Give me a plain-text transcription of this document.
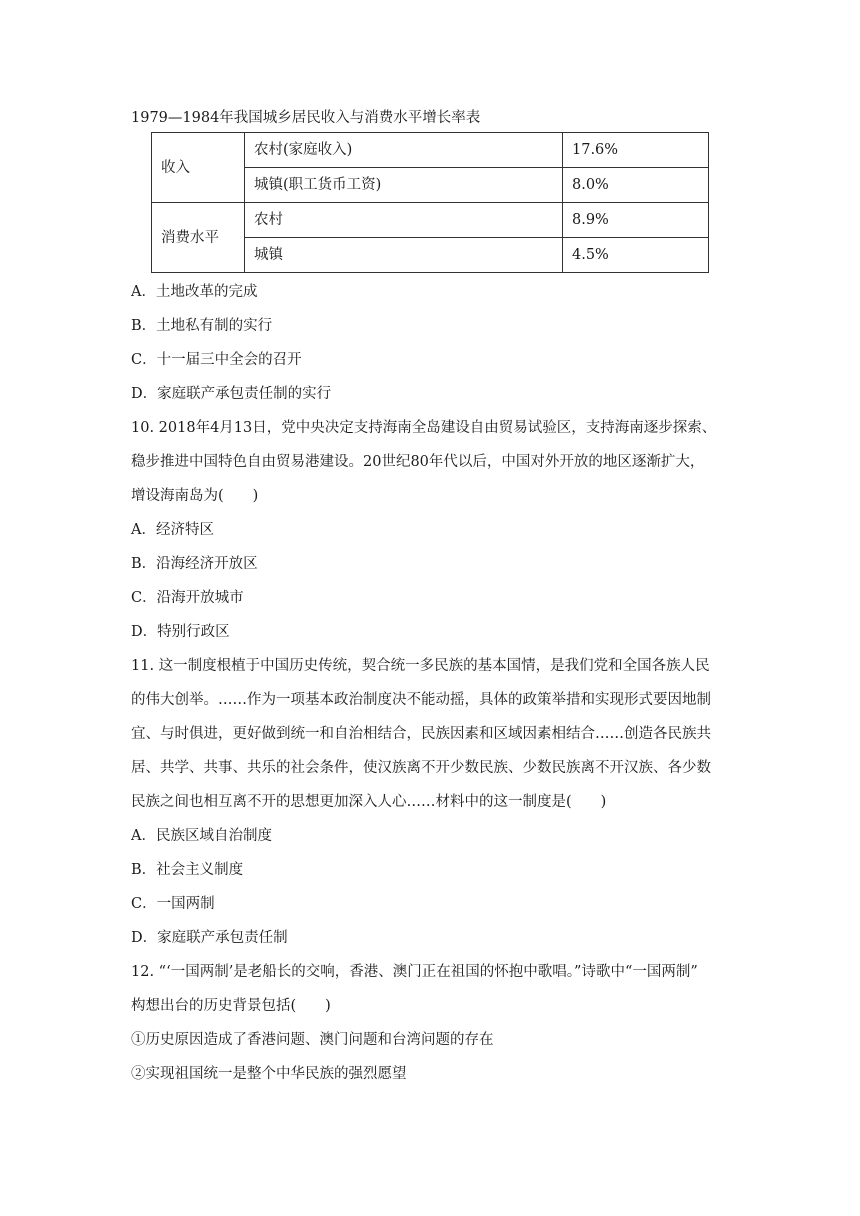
1979—1984年我国城乡居民收入与消费水平增长率表
收入	农村(家庭收入)	17.6%
	城镇(职工货币工资)	8.0%
消费水平	农村	8.9%
	城镇	4.5%
A．土地改革的完成
B．土地私有制的实行
C．十一届三中全会的召开
D．家庭联产承包责任制的实行
10. 2018年4月13日，党中央决定支持海南全岛建设自由贸易试验区，支持海南逐步探索、
稳步推进中国特色自由贸易港建设。20世纪80年代以后，中国对外开放的地区逐渐扩大，
增设海南岛为(　　)
A．经济特区
B．沿海经济开放区
C．沿海开放城市
D．特别行政区
11. 这一制度根植于中国历史传统，契合统一多民族的基本国情，是我们党和全国各族人民
的伟大创举。……作为一项基本政治制度决不能动摇，具体的政策举措和实现形式要因地制
宜、与时俱进，更好做到统一和自治相结合，民族因素和区域因素相结合……创造各民族共
居、共学、共事、共乐的社会条件，使汉族离不开少数民族、少数民族离不开汉族、各少数
民族之间也相互离不开的思想更加深入人心……材料中的这一制度是(　　)
A．民族区域自治制度
B．社会主义制度
C．一国两制
D．家庭联产承包责任制
12. “‘一国两制’是老船长的交响，香港、澳门正在祖国的怀抱中歌唱。”诗歌中“一国两制”
构想出台的历史背景包括(　　)
①历史原因造成了香港问题、澳门问题和台湾问题的存在
②实现祖国统一是整个中华民族的强烈愿望
